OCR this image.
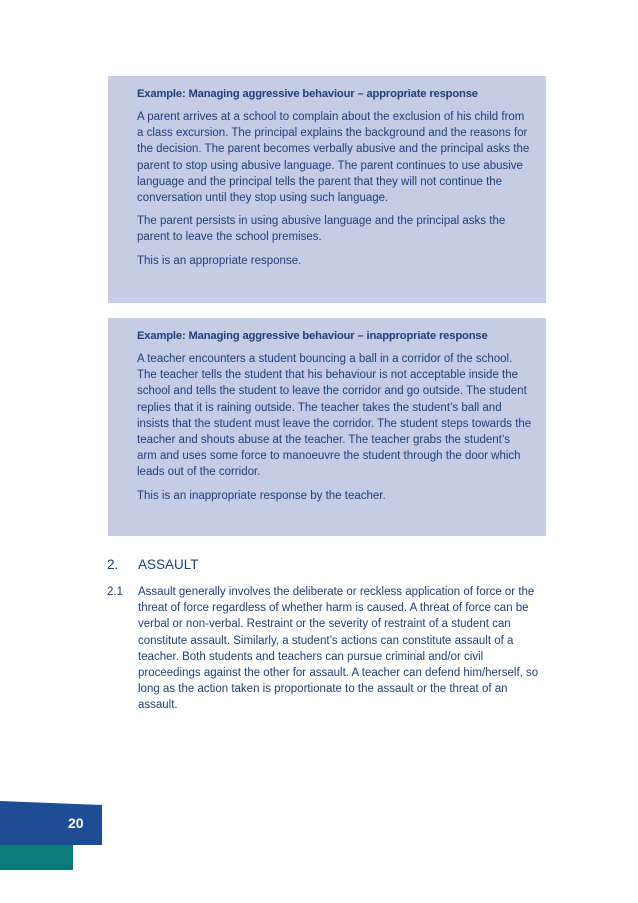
Example: Managing aggressive behaviour – appropriate response

A parent arrives at a school to complain about the exclusion of his child from a class excursion. The principal explains the background and the reasons for the decision. The parent becomes verbally abusive and the principal asks the parent to stop using abusive language. The parent continues to use abusive language and the principal tells the parent that they will not continue the conversation until they stop using such language.

The parent persists in using abusive language and the principal asks the parent to leave the school premises.

This is an appropriate response.

Example: Managing aggressive behaviour – inappropriate response

A teacher encounters a student bouncing a ball in a corridor of the school. The teacher tells the student that his behaviour is not acceptable inside the school and tells the student to leave the corridor and go outside. The student replies that it is raining outside. The teacher takes the student’s ball and insists that the student must leave the corridor. The student steps towards the teacher and shouts abuse at the teacher. The teacher grabs the student’s arm and uses some force to manoeuvre the student through the door which leads out of the corridor.

This is an inappropriate response by the teacher.

2.	ASSAULT
2.1	Assault generally involves the deliberate or reckless application of force or the threat of force regardless of whether harm is caused. A threat of force can be verbal or non-verbal. Restraint or the severity of restraint of a student can constitute assault. Similarly, a student’s actions can constitute assault of a teacher. Both students and teachers can pursue criminal and/or civil proceedings against the other for assault. A teacher can defend him/herself, so long as the action taken is proportionate to the assault or the threat of an assault.
20
